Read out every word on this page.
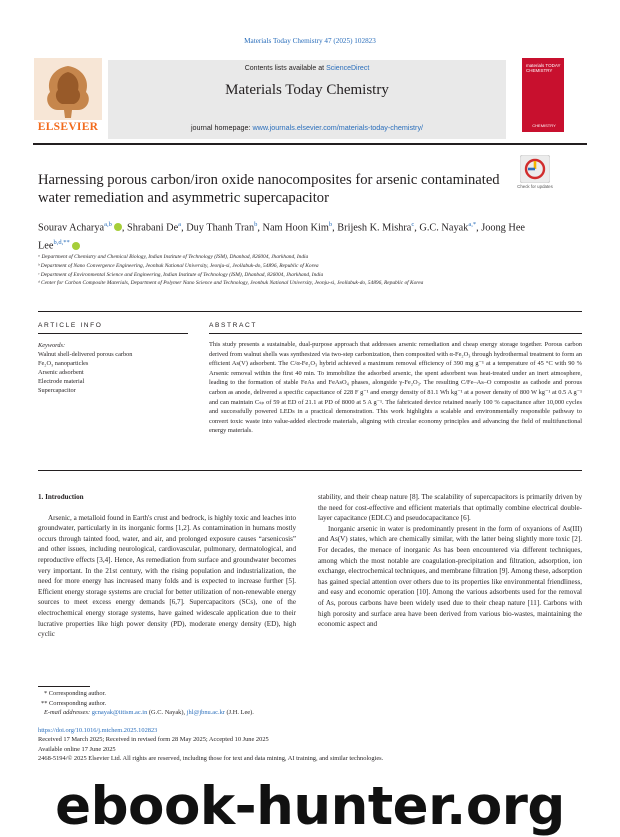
Materials Today Chemistry 47 (2025) 102823
ELSEVIER
Contents lists available at ScienceDirect
Materials Today Chemistry
journal homepage: www.journals.elsevier.com/materials-today-chemistry/
materials TODAY CHEMISTRY
CHEMISTRY
Harnessing porous carbon/iron oxide nanocomposites for arsenic contaminated water remediation and asymmetric supercapacitor
Check for updates
Sourav Acharya$^{a,b}$ , Shrabani De$^a$, Duy Thanh Tran$^b$, Nam Hoon Kim$^b$, Brijesh K. Mishra$^c$, G.C. Nayak$^{a,*}$, Joong Hee Lee$^{b,d,**}$
ᵃ Department of Chemistry and Chemical Biology, Indian Institute of Technology (ISM), Dhanbad, 826004, Jharkhand, India
ᵇ Department of Nano Convergence Engineering, Jeonbuk National University, Jeonju-si, Jeollabuk-do, 54896, Republic of Korea
ᶜ Department of Environmental Science and Engineering, Indian Institute of Technology (ISM), Dhanbad, 826004, Jharkhand, India
ᵈ Center for Carbon Composite Materials, Department of Polymer Nano Science and Technology, Jeonbuk National University, Jeonju-si, Jeollabuk-do, 54896, Republic of Korea
ARTICLE INFO	ABSTRACT
Keywords:
Walnut shell-delivered porous carbon
Fe₂O₃ nanoparticles
Arsenic adsorbent
Electrode material
Supercapacitor
This study presents a sustainable, dual-purpose approach that addresses arsenic remediation and cheap energy storage together. Porous carbon derived from walnut shells was synthesized via two-step carbonization, then composited with α-Fe₂O₃ through hydrothermal treatment to form an efficient As(V) adsorbent. The C/α-Fe₂O₃ hybrid achieved a maximum removal efficiency of 390 mg g⁻¹ at a temperature of 45 °C with 90 % Arsenic removal within the first 40 min. To immobilize the adsorbed arsenic, the spent adsorbent was heat-treated under an inert atmosphere, leading to the formation of stable FeAs and FeAsO₄ phases, alongside γ-Fe₂O₃. The resulting C/Fe–As–O composite as cathode and porous carbon as anode, delivered a specific capacitance of 228 F g⁻¹ and energy density of 81.1 Wh kg⁻¹ at a power density of 800 W kg⁻¹ at 0.5 A g⁻¹ and can maintain Cₛₚ of 59 at ED of 21.1 at PD of 8000 at 5 A g⁻¹. The fabricated device retained nearly 100 % capacitance after 10,000 cycles and successfully powered LEDs in a practical demonstration. This work highlights a scalable and environmentally responsible pathway to convert toxic waste into value-added electrode materials, aligning with circular economy principles and advancing the field of multifunctional energy materials.
1. Introduction

Arsenic, a metalloid found in Earth's crust and bedrock, is highly toxic and leaches into groundwater, particularly in its inorganic forms [1,2]. As contamination in humans mostly occurs through tainted food, water, and air, and prolonged exposure causes “arsenicosis” and other issues, including neurological, cardiovascular, pulmonary, dermatological, and reproductive effects [3,4]. Hence, As remediation from surface and groundwater becomes very important. In the 21st century, with the rising population and industrialization, the need for more energy has increased many folds and is expected to increase further [5]. Efficient energy storage systems are crucial for better utilization of non-renewable energy sources to meet excess energy demands [6,7]. Supercapacitors (SCs), one of the electrochemical energy storage systems, have gained widescale application due to their lucrative properties like high power density (PD), moderate energy density (ED), high cyclic

stability, and their cheap nature [8]. The scalability of supercapacitors is primarily driven by the need for cost-effective and efficient materials that optimally combine electrical double-layer capacitance (EDLC) and pseudocapacitance [6].

Inorganic arsenic in water is predominantly present in the form of oxyanions of As(III) and As(V) states, which are chemically similar, with the latter being slightly more toxic [2]. For decades, the menace of inorganic As has been encountered via different techniques, among which the most notable are coagulation-precipitation and filtration, adsorption, ion exchange, electrochemical techniques, and membrane filtration [9]. Among these, adsorption has gained special attention over others due to its properties like environmental friendliness, and easy and economic operation [10]. Among the various adsorbents used for the removal of As, porous carbons have been widely used due to their cheap nature [11]. Carbons with high porosity and surface area have been derived from various bio-wastes, maintaining the economic aspect and

* Corresponding author.
** Corresponding author.
E-mail addresses: gcnayak@iitism.ac.in (G.C. Nayak), jhl@jbnu.ac.kr (J.H. Lee).
https://doi.org/10.1016/j.mtchem.2025.102823
Received 17 March 2025; Received in revised form 28 May 2025; Accepted 10 June 2025
Available online 17 June 2025
2468-5194/© 2025 Elsevier Ltd. All rights are reserved, including those for text and data mining, AI training, and similar technologies.
ebook-hunter.org
